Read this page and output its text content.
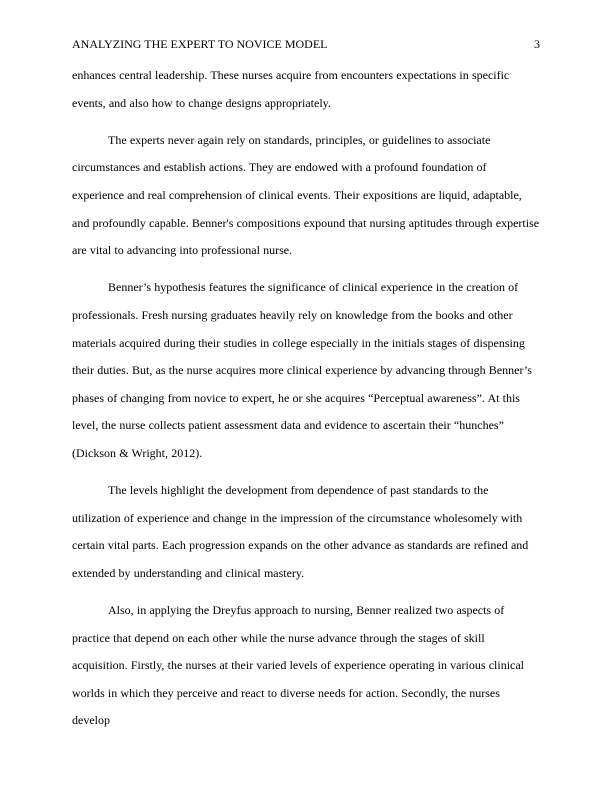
ANALYZING THE EXPERT TO NOVICE MODEL	3

enhances central leadership. These nurses acquire from encounters expectations in specific events, and also how to change designs appropriately.

The experts never again rely on standards, principles, or guidelines to associate circumstances and establish actions. They are endowed with a profound foundation of experience and real comprehension of clinical events. Their expositions are liquid, adaptable, and profoundly capable. Benner's compositions expound that nursing aptitudes through expertise are vital to advancing into professional nurse.

Benner’s hypothesis features the significance of clinical experience in the creation of professionals. Fresh nursing graduates heavily rely on knowledge from the books and other materials acquired during their studies in college especially in the initials stages of dispensing their duties. But, as the nurse acquires more clinical experience by advancing through Benner’s phases of changing from novice to expert, he or she acquires “Perceptual awareness”. At this level, the nurse collects patient assessment data and evidence to ascertain their “hunches” (Dickson & Wright, 2012).

The levels highlight the development from dependence of past standards to the utilization of experience and change in the impression of the circumstance wholesomely with certain vital parts. Each progression expands on the other advance as standards are refined and extended by understanding and clinical mastery.

Also, in applying the Dreyfus approach to nursing, Benner realized two aspects of practice that depend on each other while the nurse advance through the stages of skill acquisition. Firstly, the nurses at their varied levels of experience operating in various clinical worlds in which they perceive and react to diverse needs for action. Secondly, the nurses develop
